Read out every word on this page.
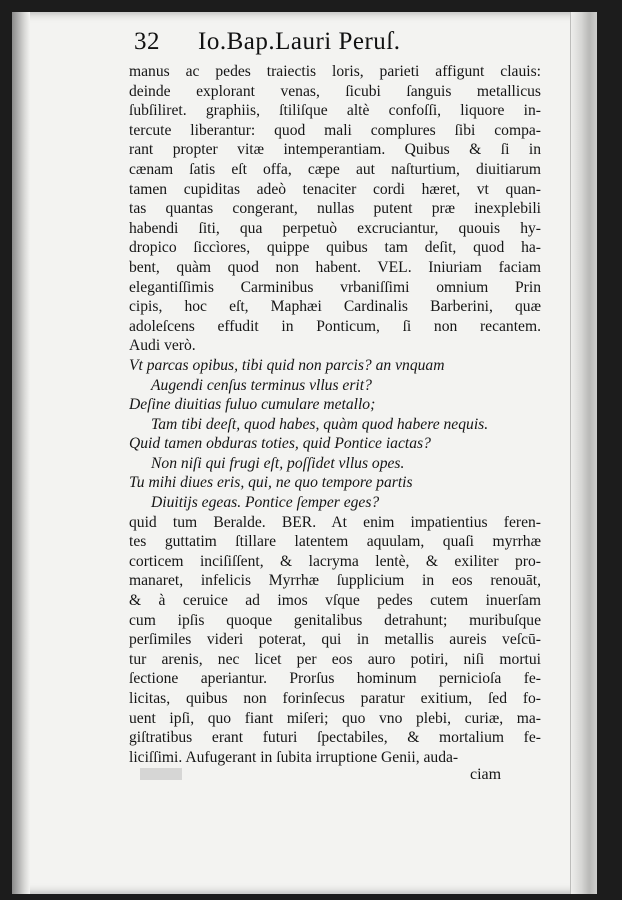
32 Io.Bap.Lauri Peruſ.
manus ac pedes traiectis loris, parieti affigunt clauis:
deinde explorant venas, ſicubi ſanguis metallicus
ſubſiliret. graphiis, ſtiliſque altè confoſſi, liquore in-
tercute liberantur: quod mali complures ſibi compa-
rant propter vitæ intemperantiam. Quibus & ſi in
cænam ſatis eſt offa, cæpe aut naſturtium, diuitiarum
tamen cupiditas adeò tenaciter cordi hæret, vt quan-
tas quantas congerant, nullas putent præ inexplebili
habendi ſiti, qua perpetuò excruciantur, quouis hy-
dropico ſiccìores, quippe quibus tam deſit, quod ha-
bent, quàm quod non habent. VEL. Iniuriam faciam
elegantiſſimis Carminibus vrbaniſſimi omnium Prin
cipis, hoc eſt, Maphæi Cardinalis Barberini, quæ
adoleſcens effudit in Ponticum, ſi non recantem.
Audi verò.
Vt parcas opibus, tibi quid non parcis? an vnquam
Augendi cenſus terminus vllus erit?
Deſine diuitias fuluo cumulare metallo;
Tam tibi deeſt, quod habes, quàm quod habere nequis.
Quid tamen obduras toties, quid Pontice iactas?
Non niſi qui frugi eſt, poſſidet vllus opes.
Tu mihi diues eris, qui, ne quo tempore partis
Diuitijs egeas. Pontice ſemper eges?
quid tum Beralde. BER. At enim impatientius feren-
tes guttatim ſtillare latentem aquulam, quaſi myrrhæ
corticem inciſiſſent, & lacryma lentè, & exiliter pro-
manaret, infelicis Myrrhæ ſupplicium in eos renouāt,
& à ceruice ad imos vſque pedes cutem inuerſam
cum ipſis quoque genitalibus detrahunt; muribuſque
perſimiles videri poterat, qui in metallis aureis veſcū-
tur arenis, nec licet per eos auro potiri, niſi mortui
ſectione aperiantur. Prorſus hominum pernicioſa fe-
licitas, quibus non forinſecus paratur exitium, ſed fo-
uent ipſi, quo fiant miſeri; quo vno plebi, curiæ, ma-
giſtratibus erant futuri ſpectabiles, & mortalium fe-
liciſſimi. Aufugerant in ſubita irruptione Genii, auda-
ciam
